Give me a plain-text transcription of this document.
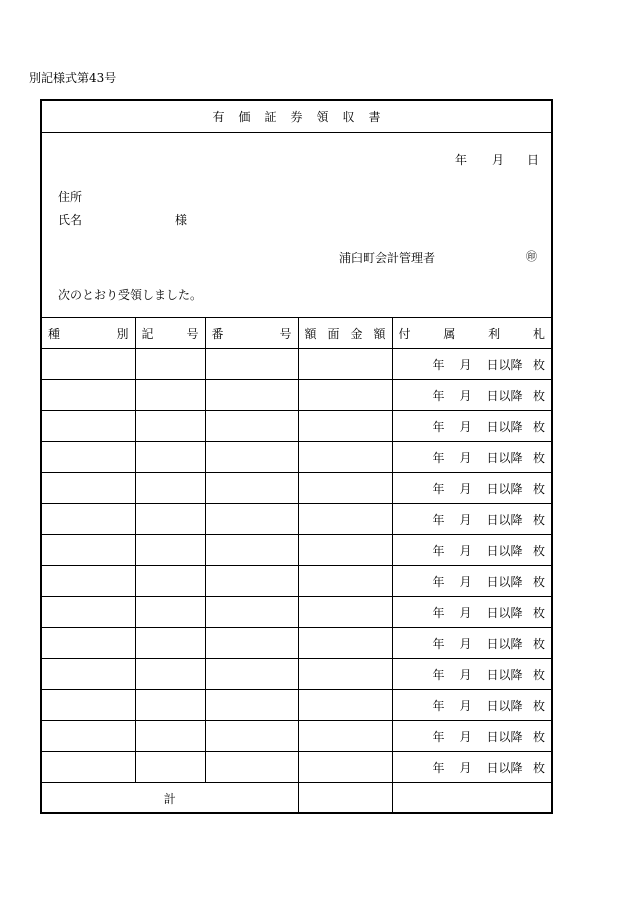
別記様式第43号
有価証券領収書
年 月 日
住所
氏名	様
浦臼町会計管理者	㊞
次のとおり受領しました。
種 別	記 号	番 号	額 面 金 額	付 属 利 札

				年 月 日以降 枚

				年 月 日以降 枚

				年 月 日以降 枚

				年 月 日以降 枚

				年 月 日以降 枚

				年 月 日以降 枚

				年 月 日以降 枚

				年 月 日以降 枚

				年 月 日以降 枚

				年 月 日以降 枚

				年 月 日以降 枚

				年 月 日以降 枚

				年 月 日以降 枚

				年 月 日以降 枚

計				
